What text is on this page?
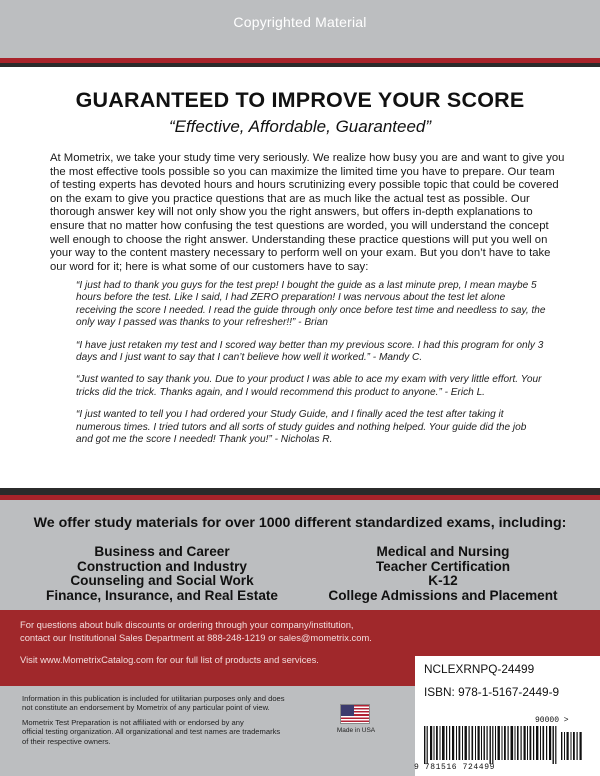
Copyrighted Material
GUARANTEED TO IMPROVE YOUR SCORE
“Effective, Affordable, Guaranteed”

At Mometrix, we take your study time very seriously. We realize how busy you are and want to give you the most effective tools possible so you can maximize the limited time you have to prepare. Our team of testing experts has devoted hours and hours scrutinizing every possible topic that could be covered on the exam to give you practice questions that are as much like the actual test as possible. Our thorough answer key will not only show you the right answers, but offers in-depth explanations to ensure that no matter how confusing the test questions are worded, you will understand the concept well enough to choose the right answer. Understanding these practice questions will put you well on your way to the content mastery necessary to perform well on your exam. But you don’t have to take our word for it; here is what some of our customers have to say:

“I just had to thank you guys for the test prep! I bought the guide as a last minute prep, I mean maybe 5 hours before the test. Like I said, I had ZERO preparation! I was nervous about the test let alone receiving the score I needed. I read the guide through only once before test time and needless to say, the only way I passed was thanks to your refresher!!” - Brian

“I have just retaken my test and I scored way better than my previous score. I had this program for only 3 days and I just want to say that I can’t believe how well it worked.” - Mandy C.

“Just wanted to say thank you. Due to your product I was able to ace my exam with very little effort. Your tricks did the trick. Thanks again, and I would recommend this product to anyone.” - Erich L.

“I just wanted to tell you I had ordered your Study Guide, and I finally aced the test after taking it numerous times. I tried tutors and all sorts of study guides and nothing helped. Your guide did the job and got me the score I needed! Thank you!” - Nicholas R.

We offer study materials for over 1000 different standardized exams, including:
Business and Career
Construction and Industry
Counseling and Social Work
Finance, Insurance, and Real Estate
Medical and Nursing
Teacher Certification
K-12
College Admissions and Placement
For questions about bulk discounts or ordering through your company/institution,
contact our Institutional Sales Department at 888-248-1219 or sales@mometrix.com.
Visit www.MometrixCatalog.com for our full list of products and services.
Information in this publication is included for utilitarian purposes only and does
not constitute an endorsement by Mometrix of any particular point of view.
Mometrix Test Preparation is not affiliated with or endorsed by any
official testing organization. All organizational and test names are trademarks
of their respective owners.
Made in USA
NCLEXRNPQ-24499
ISBN: 978-1-5167-2449-9
90000 >
9 781516 724499
